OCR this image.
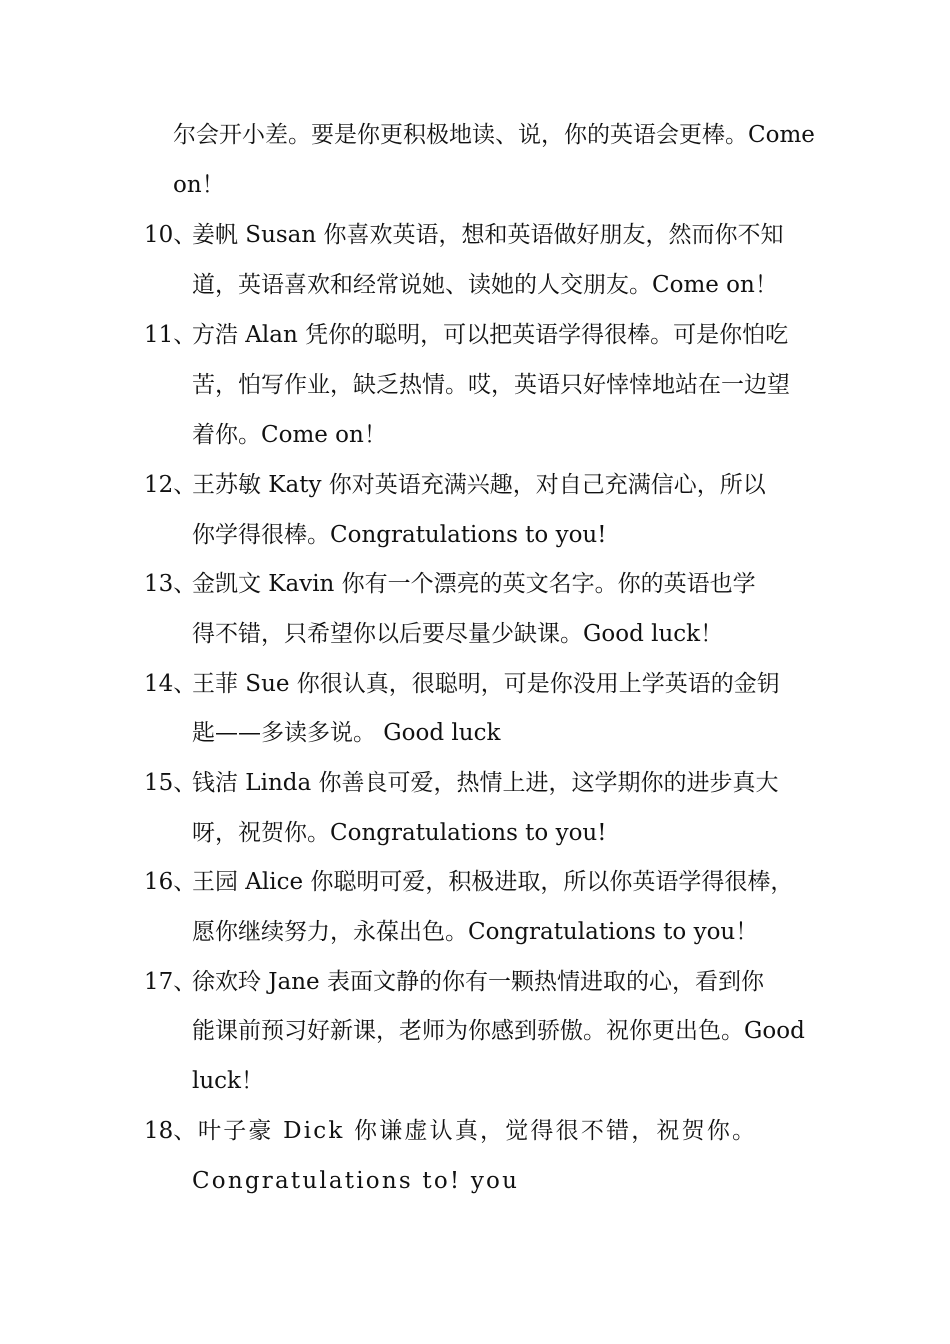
尔会开小差。要是你更积极地读、说，你的英语会更棒。Come
on！
10、
姜帆 Susan 你喜欢英语，想和英语做好朋友，然而你不知
道，英语喜欢和经常说她、读她的人交朋友。Come on！
11、
方浩 Alan 凭你的聪明，可以把英语学得很棒。可是你怕吃
苦，怕写作业，缺乏热情。哎，英语只好悻悻地站在一边望
着你。Come on！
12、
王苏敏 Katy 你对英语充满兴趣，对自己充满信心，所以
你学得很棒。Congratulations to you!
13、
金凯文 Kavin 你有一个漂亮的英文名字。你的英语也学
得不错，只希望你以后要尽量少缺课。Good luck！
14、
王菲 Sue 你很认真，很聪明，可是你没用上学英语的金钥
匙——多读多说。 Good luck
15、
钱洁 Linda 你善良可爱，热情上进，这学期你的进步真大
呀，祝贺你。Congratulations to you!
16、
王园 Alice 你聪明可爱，积极进取，所以你英语学得很棒，
愿你继续努力，永葆出色。Congratulations to you！
17、
徐欢玲 Jane 表面文静的你有一颗热情进取的心，看到你
能课前预习好新课，老师为你感到骄傲。祝你更出色。Good
luck！
18、 叶子豪 Dick 你谦虚认真，觉得很不错，祝贺你。
Congratulations to! you
